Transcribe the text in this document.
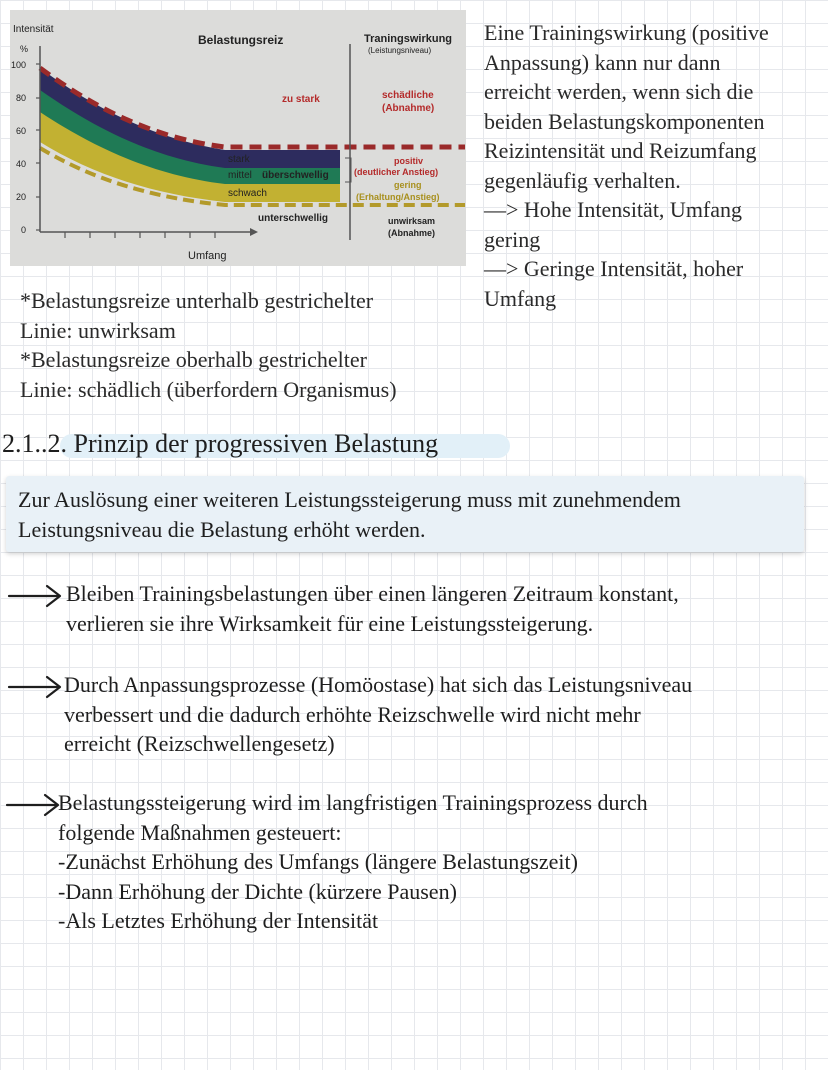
Intensität
%
100
80
60
40
20
0
Umfang
Belastungsreiz	Traningswirkung
(Leistungsniveau)
zu stark	schädliche
(Abnahme)
stark
mittel
schwach
überschwellig
positiv
(deutlicher Anstieg)
gering
(Erhaltung/Anstieg)
unterschwellig	unwirksam
(Abnahme)
Eine Trainingswirkung (positive
Anpassung) kann nur dann
erreicht werden, wenn sich die
beiden Belastungskomponenten
Reizintensität und Reizumfang
gegenläufig verhalten.
—> Hohe Intensität, Umfang
gering
—> Geringe Intensität, hoher
Umfang
*Belastungsreize unterhalb gestrichelter
Linie: unwirksam
*Belastungsreize oberhalb gestrichelter
Linie: schädlich (überfordern Organismus)
2.1..2. Prinzip der progressiven Belastung
Zur Auslösung einer weiteren Leistungssteigerung muss mit zunehmendem
Leistungsniveau die Belastung erhöht werden.
Bleiben Trainingsbelastungen über einen längeren Zeitraum konstant,
verlieren sie ihre Wirksamkeit für eine Leistungssteigerung.
Durch Anpassungsprozesse (Homöostase) hat sich das Leistungsniveau
verbessert und die dadurch erhöhte Reizschwelle wird nicht mehr
erreicht (Reizschwellengesetz)
Belastungssteigerung wird im langfristigen Trainingsprozess durch
folgende Maßnahmen gesteuert:
-Zunächst Erhöhung des Umfangs (längere Belastungszeit)
-Dann Erhöhung der Dichte (kürzere Pausen)
-Als Letztes Erhöhung der Intensität
